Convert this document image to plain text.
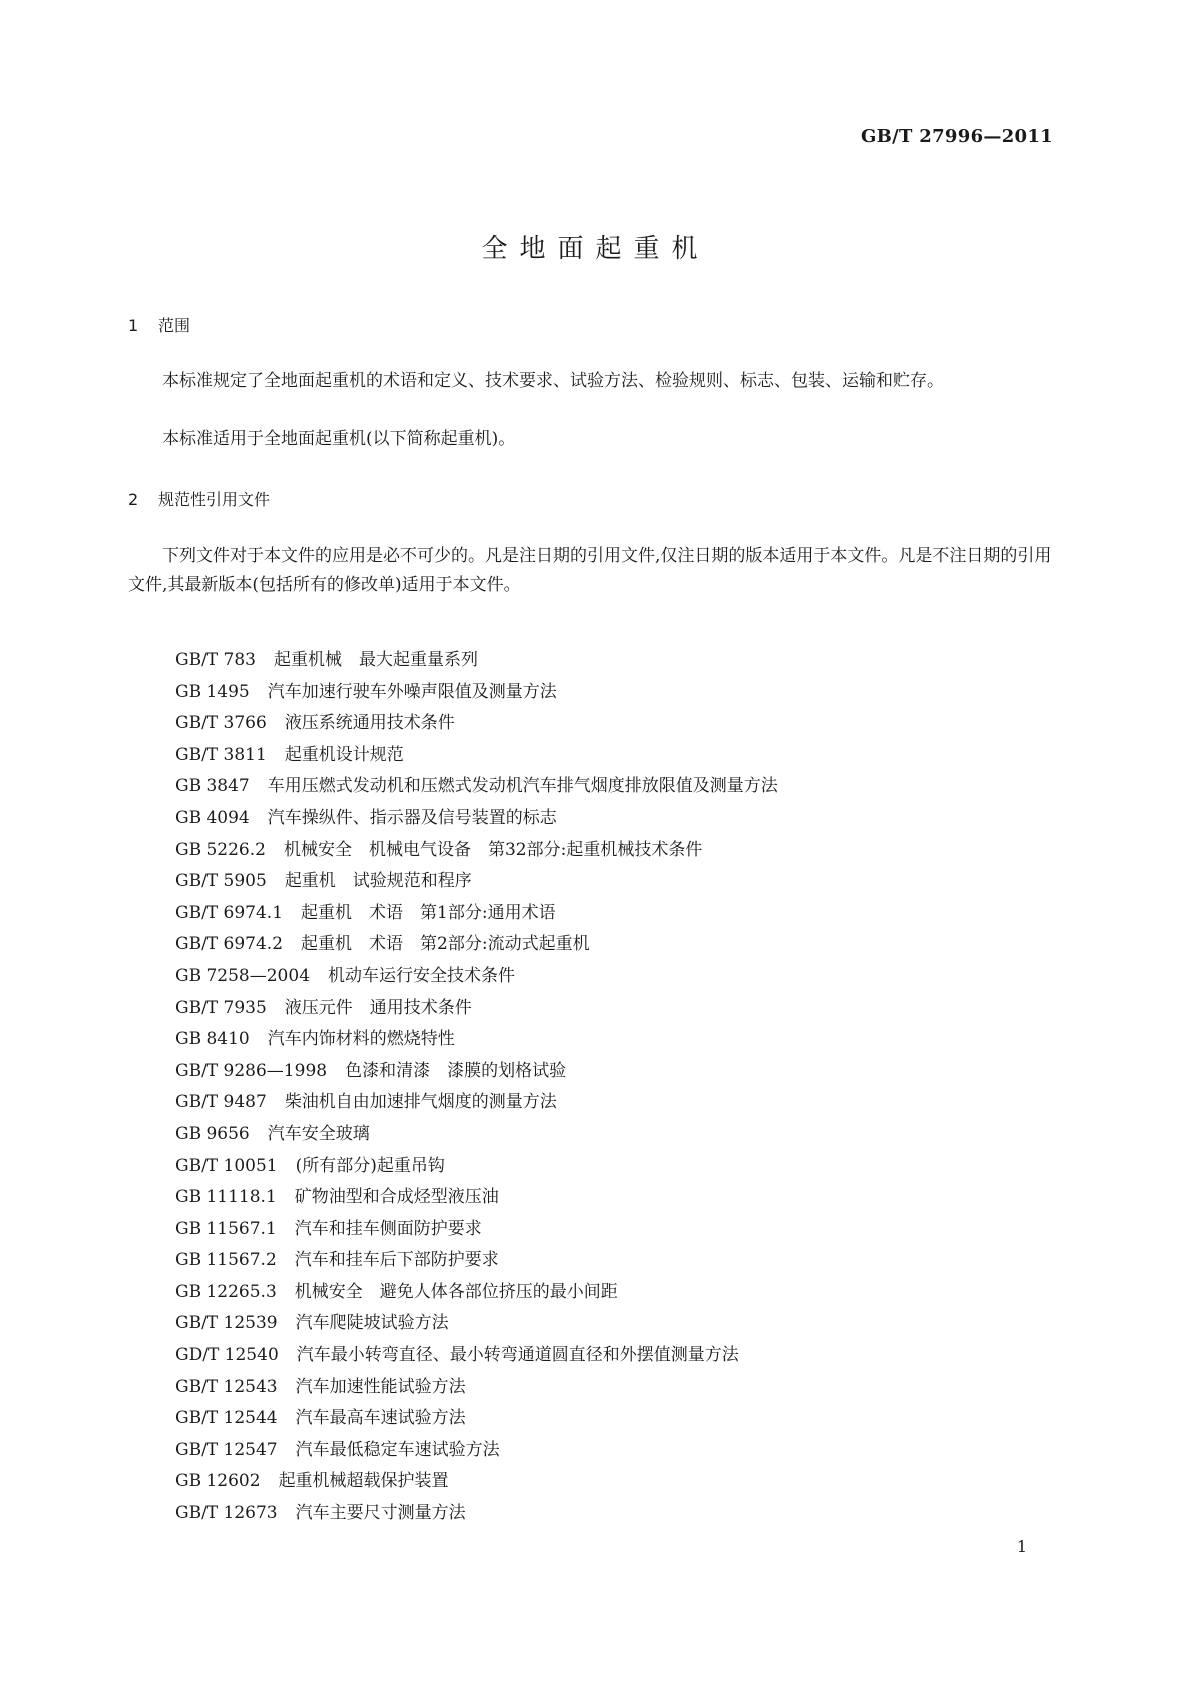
GB/T 27996—2011
全地面起重机
1 范围

本标准规定了全地面起重机的术语和定义、技术要求、试验方法、检验规则、标志、包装、运输和贮存。

本标准适用于全地面起重机(以下简称起重机)。

2 规范性引用文件

下列文件对于本文件的应用是必不可少的。凡是注日期的引用文件,仅注日期的版本适用于本文件。凡是不注日期的引用文件,其最新版本(包括所有的修改单)适用于本文件。

GB/T 783 起重机械　最大起重量系列
GB 1495 汽车加速行驶车外噪声限值及测量方法
GB/T 3766 液压系统通用技术条件
GB/T 3811 起重机设计规范
GB 3847 车用压燃式发动机和压燃式发动机汽车排气烟度排放限值及测量方法
GB 4094 汽车操纵件、指示器及信号装置的标志
GB 5226.2 机械安全　机械电气设备　第32部分:起重机械技术条件
GB/T 5905 起重机　试验规范和程序
GB/T 6974.1 起重机　术语　第1部分:通用术语
GB/T 6974.2 起重机　术语　第2部分:流动式起重机
GB 7258—2004 机动车运行安全技术条件
GB/T 7935 液压元件　通用技术条件
GB 8410 汽车内饰材料的燃烧特性
GB/T 9286—1998 色漆和清漆　漆膜的划格试验
GB/T 9487 柴油机自由加速排气烟度的测量方法
GB 9656 汽车安全玻璃
GB/T 10051 (所有部分)起重吊钩
GB 11118.1 矿物油型和合成烃型液压油
GB 11567.1 汽车和挂车侧面防护要求
GB 11567.2 汽车和挂车后下部防护要求
GB 12265.3 机械安全　避免人体各部位挤压的最小间距
GB/T 12539 汽车爬陡坡试验方法
GD/T 12540 汽车最小转弯直径、最小转弯通道圆直径和外摆值测量方法
GB/T 12543 汽车加速性能试验方法
GB/T 12544 汽车最高车速试验方法
GB/T 12547 汽车最低稳定车速试验方法
GB 12602 起重机械超载保护装置
GB/T 12673 汽车主要尺寸测量方法
1
